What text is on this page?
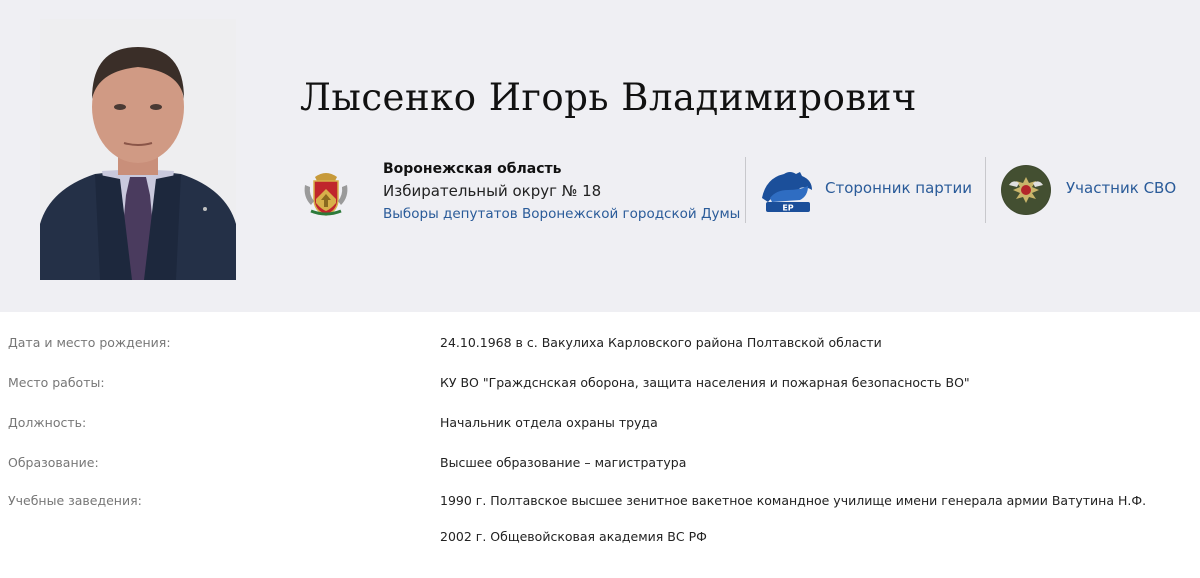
Лысенко Игорь Владимирович
Воронежская область
Избирательный округ № 18
Выборы депутатов Воронежской городской Думы	ЕР
Сторонник партии	Участник СВО
Дата и место рождения:	24.10.1968 в с. Вакулиха Карловского района Полтавской области
Место работы:	КУ ВО "Граждснская оборона, защита населения и пожарная безопасность ВО"
Должность:	Начальник отдела охраны труда
Образование:	Высшее образование – магистратура
Учебные заведения:	1990 г. Полтавское высшее зенитное вакетное командное училище имени генерала армии Ватутина Н.Ф.
2002 г. Общевойсковая академия ВС РФ
